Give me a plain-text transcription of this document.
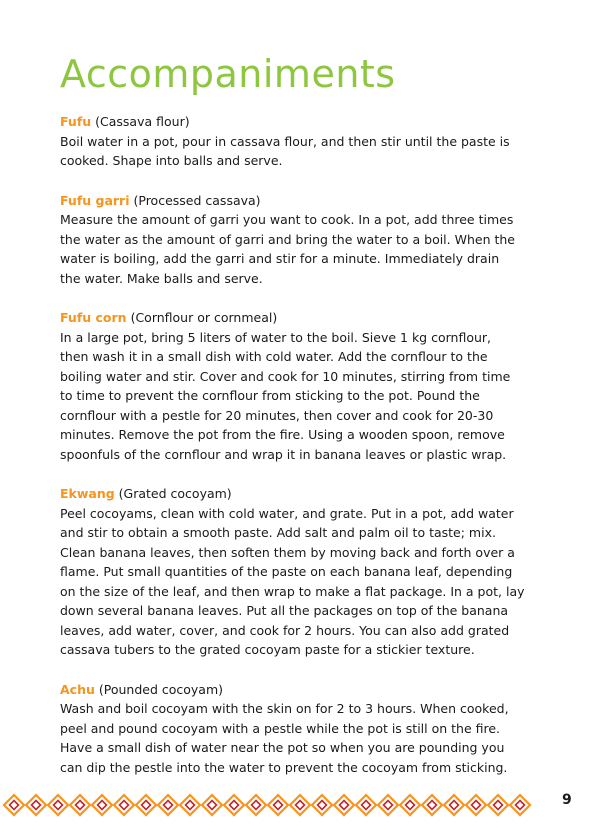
Accompaniments
Fufu (Cassava flour)
Boil water in a pot, pour in cassava flour, and then stir until the paste is
cooked. Shape into balls and serve.
Fufu garri (Processed cassava)
Measure the amount of garri you want to cook. In a pot, add three times
the water as the amount of garri and bring the water to a boil. When the
water is boiling, add the garri and stir for a minute. Immediately drain
the water. Make balls and serve.
Fufu corn (Cornflour or cornmeal)
In a large pot, bring 5 liters of water to the boil. Sieve 1 kg cornflour,
then wash it in a small dish with cold water. Add the cornflour to the
boiling water and stir. Cover and cook for 10 minutes, stirring from time
to time to prevent the cornflour from sticking to the pot. Pound the
cornflour with a pestle for 20 minutes, then cover and cook for 20-30
minutes. Remove the pot from the fire. Using a wooden spoon, remove
spoonfuls of the cornflour and wrap it in banana leaves or plastic wrap.
Ekwang (Grated cocoyam)
Peel cocoyams, clean with cold water, and grate. Put in a pot, add water
and stir to obtain a smooth paste. Add salt and palm oil to taste; mix.
Clean banana leaves, then soften them by moving back and forth over a
flame. Put small quantities of the paste on each banana leaf, depending
on the size of the leaf, and then wrap to make a flat package. In a pot, lay
down several banana leaves. Put all the packages on top of the banana
leaves, add water, cover, and cook for 2 hours. You can also add grated
cassava tubers to the grated cocoyam paste for a stickier texture.
Achu (Pounded cocoyam)
Wash and boil cocoyam with the skin on for 2 to 3 hours. When cooked,
peel and pound cocoyam with a pestle while the pot is still on the fire.
Have a small dish of water near the pot so when you are pounding you
can dip the pestle into the water to prevent the cocoyam from sticking.
9
